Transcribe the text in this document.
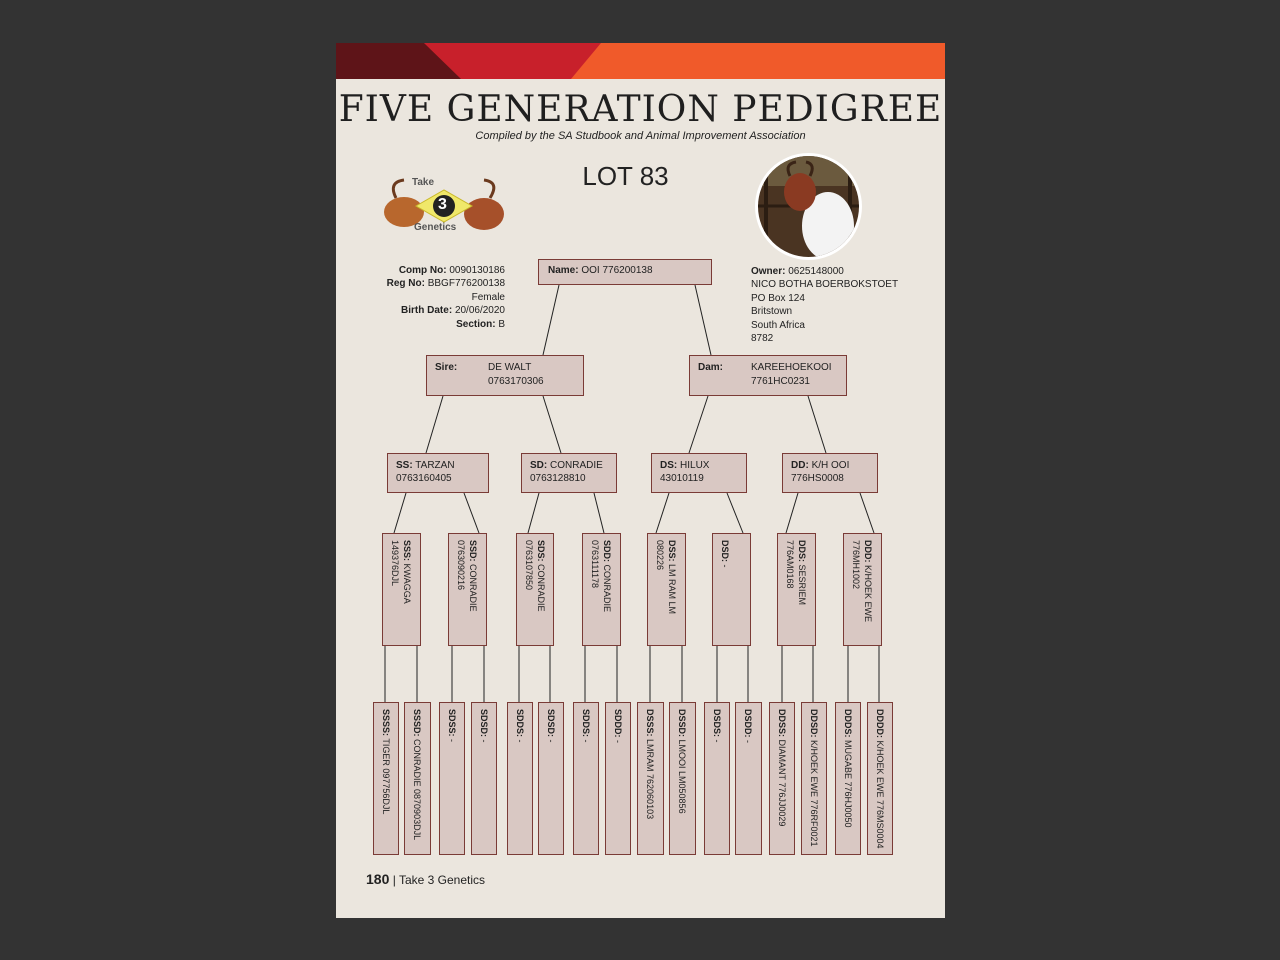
FIVE GENERATION PEDIGREE
Compiled by the SA Studbook and Animal Improvement Association
LOT 83
Take
3
Genetics
Comp No: 0090130186
Reg No: BBGF776200138
Female
Birth Date: 20/06/2020
Section: B
Owner: 0625148000
NICO BOTHA BOERBOKSTOET
PO Box 124
Britstown
South Africa
8782
Name: OOI 776200138
Sire:	DE WALT
0763170306
Dam:	KAREEHOEKOOI
7761HC0231
SS: TARZAN
0763160405
SD: CONRADIE
0763128810
DS: HILUX
43010119
DD: K/H OOI
776HS0008
SSS: KWAGGA
149376DJL	SSD: CONRADIE
0763090216	SDS: CONRADIE
0763107850	SDD: CONRADIE
0763111178	DSS: LM RAM LM
080226	DSD: -
DDS: SESRIEM
776AM0168	DDD: K/HOEK EWE
776MH1002
SSSS: TIGER 097756DJL
SSSD: CONRADIE 0870903DJL
SDSS: -
SDSD: -
SDDS: -
SDSD: -
SDDS: -
SDDD: -
DSSS: LMRAM 762060103
DSSD: LMOOI LM050856
DSDS: -
DSDD: -
DDSS: DIAMANT 776JJ0029
DDSD: K/HOEK EWE 776RF0021
DDDS: MUGABE 776HJ0050
DDDD: K/HOEK EWE 776MS0004
180 | Take 3 Genetics
